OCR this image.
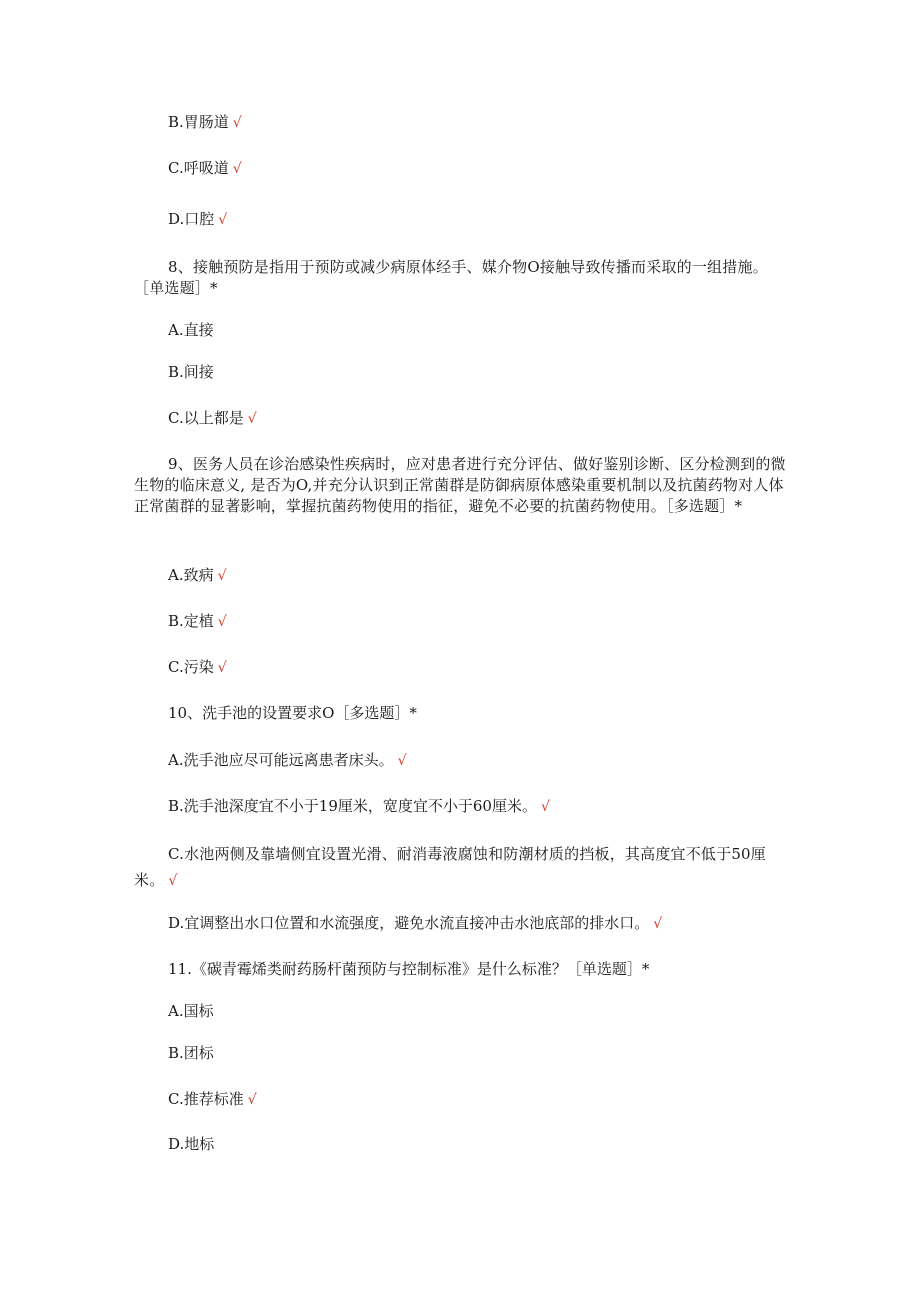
B.胃肠道 √
C.呼吸道 √
D.口腔 √
8、接触预防是指用于预防或减少病原体经手、媒介物O接触导致传播而采取的一组措施。［单选题］*
A.直接
B.间接
C.以上都是 √
9、医务人员在诊治感染性疾病时，应对患者进行充分评估、做好鉴别诊断、区分检测到的微生物的临床意义, 是否为O,并充分认识到正常菌群是防御病原体感染重要机制以及抗菌药物对人体正常菌群的显著影响，掌握抗菌药物使用的指征，避免不必要的抗菌药物使用。［多选题］*
A.致病 √
B.定植 √
C.污染 √
10、洗手池的设置要求O［多选题］*
A.洗手池应尽可能远离患者床头。 √
B.洗手池深度宜不小于19厘米，宽度宜不小于60厘米。 √
C.水池两侧及靠墙侧宜设置光滑、耐消毒液腐蚀和防潮材质的挡板，其高度宜不低于50厘米。 √
D.宜调整出水口位置和水流强度，避免水流直接冲击水池底部的排水口。 √
11.《碳青霉烯类耐药肠杆菌预防与控制标准》是什么标准？［单选题］*
A.国标
B.团标
C.推荐标准 √
D.地标
